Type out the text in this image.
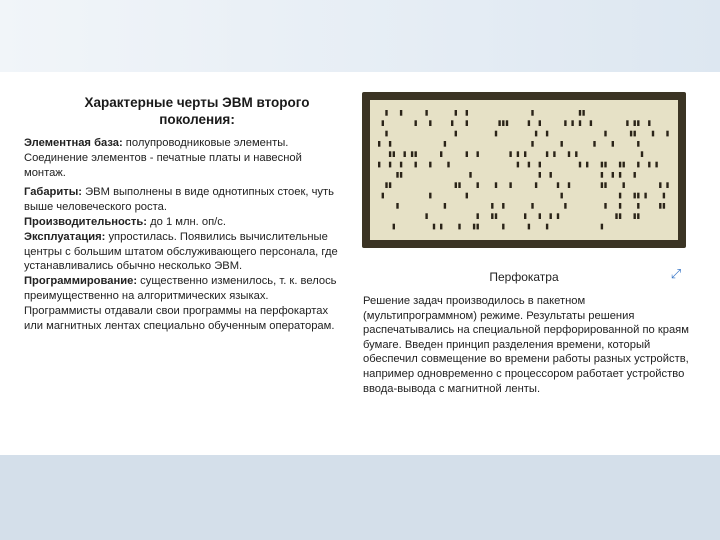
Характерные черты ЭВМ второго поколения:

Элементная база: полупроводниковые элементы. Соединение элементов - печатные платы и навесной монтаж.

Габариты: ЭВМ выполнены в виде однотипных стоек, чуть выше человеческого роста.

Производительность: до 1 млн. оп/с.

Эксплуатация: упростилась. Появились вычислительные центры с большим штатом обслуживающего персонала, где устанавливались обычно несколько ЭВМ.

Программирование: существенно изменилось, т. к. велось преимущественно на алгоритмических языках. Программисты отдавали свои программы на перфокартах или магнитных лентах специально обученным операторам.

Перфокатра	⤢
Решение задач производилось в пакетном (мультипрограммном) режиме. Результаты решения распечатывались на специальной перфорированной по краям бумаге. Введен принцип разделения времени, который обеспечил совмещение во времени работы разных устройств, например одновременно с процессором работает устройство ввода-вывода с магнитной ленты.
